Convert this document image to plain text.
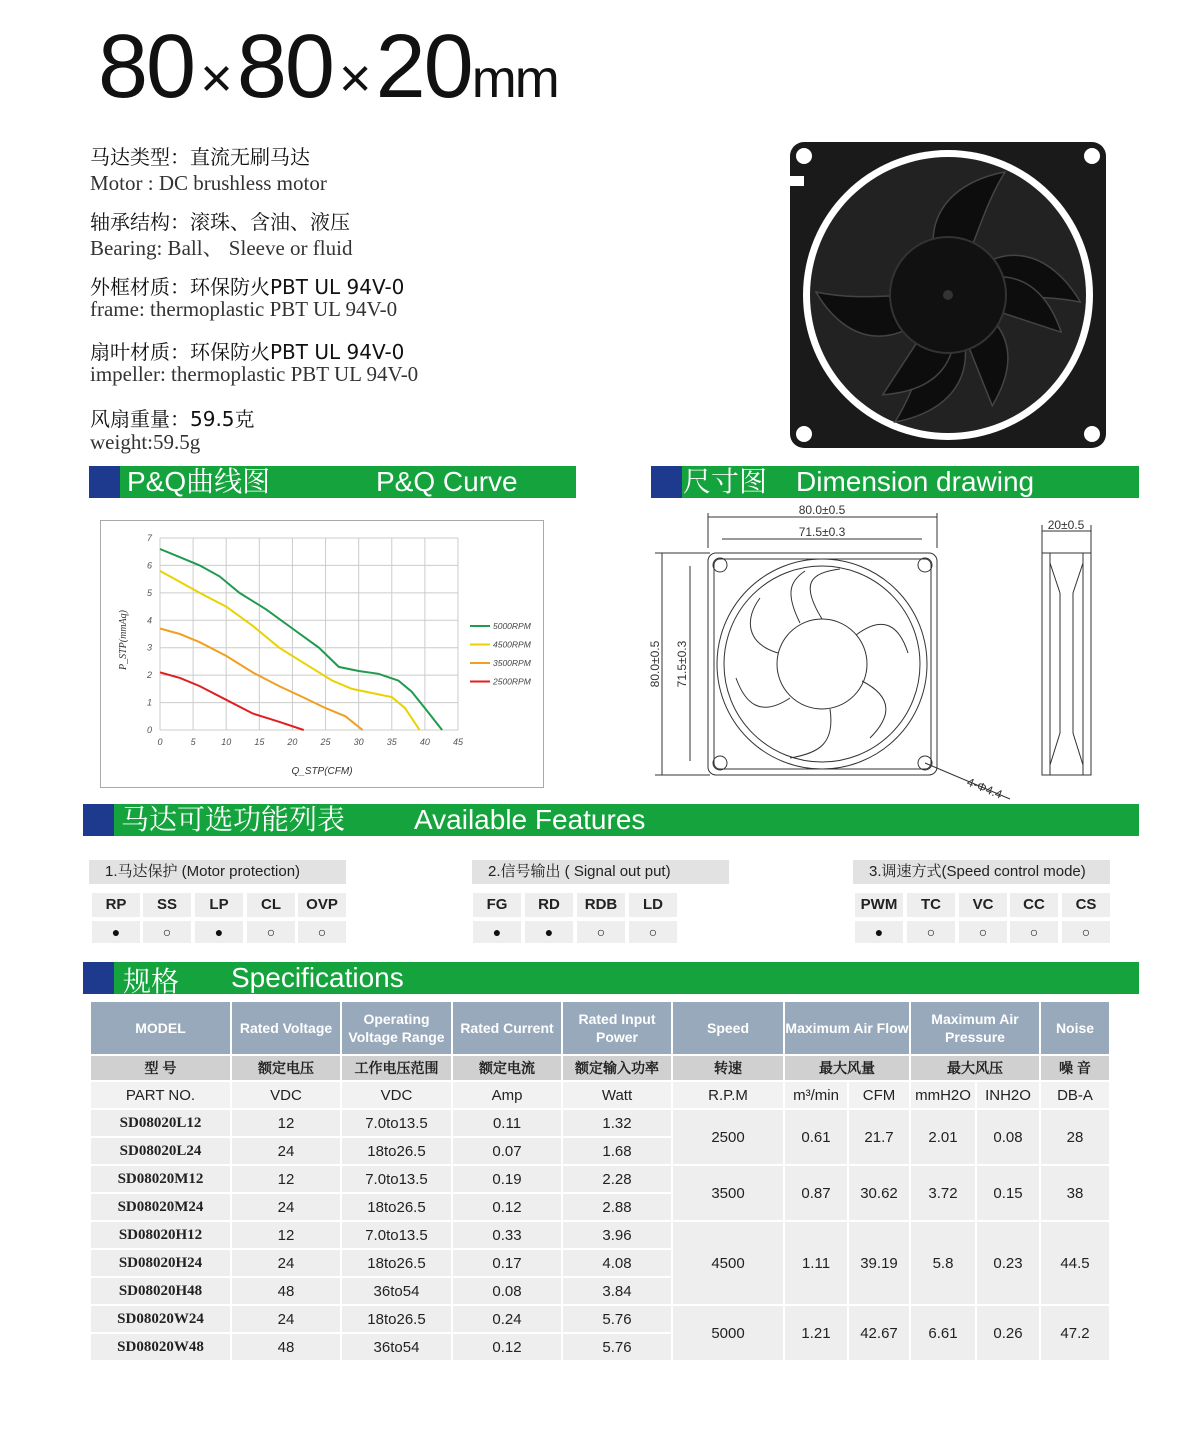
80 ×80 ×20mm
马达类型：直流无刷马达
Motor : DC brushless motor
轴承结构：滚珠、含油、液压
Bearing: Ball、 Sleeve or fluid
外框材质：环保防火PBT UL 94V-0
frame: thermoplastic PBT UL 94V-0
扇叶材质：环保防火PBT UL 94V-0
impeller: thermoplastic PBT UL 94V-0
风扇重量：59.5克
weight:59.5g
P&Q曲线图	P&Q Curve	尺寸图 Dimension drawing
0	5	10	15	20	25	30	35	40	45
0
1
2
3
4
5
6
7
5000RPM
4500RPM
3500RPM
2500RPM
Q_STP(CFM)
P_STP(mmAq)
80.0±0.5
71.5±0.3
80.0±0.5 71.5±0.3
20±0.5
4-Φ4.4
马达可选功能列表 Available Features
1.马达保护 (Motor protection)	2.信号输出 ( Signal out put)	3.调速方式(Speed control mode)
RP	SS	LP	CL	OVP
●	○	●	○	○
FG	RD	RDB	LD
●	●	○	○
PWM	TC	VC	CC	CS
●	○	○	○	○
规格 Specifications
MODEL	Rated Voltage	Operating Voltage Range	Rated Current	Rated Input Power	Speed	Maximum Air Flow		Maximum Air Pressure		Noise
型 号	额定电压	工作电压范围	额定电流	额定输入功率	转速	最大风量		最大风压		噪 音
PART NO.	VDC	VDC	Amp	Watt	R.P.M	m³/min	CFM	mmH2O	INH2O	DB-A
SD08020L12	12	7.0to13.5	0.11	1.32	2500	0.61	21.7	2.01	0.08	28
SD08020L24	24	18to26.5	0.07	1.68						
SD08020M12	12	7.0to13.5	0.19	2.28	3500	0.87	30.62	3.72	0.15	38
SD08020M24	24	18to26.5	0.12	2.88						
SD08020H12	12	7.0to13.5	0.33	3.96	4500	1.11	39.19	5.8	0.23	44.5
SD08020H24	24	18to26.5	0.17	4.08						
SD08020H48	48	36to54	0.08	3.84						
SD08020W24	24	18to26.5	0.24	5.76	5000	1.21	42.67	6.61	0.26	47.2
SD08020W48	48	36to54	0.12	5.76						
